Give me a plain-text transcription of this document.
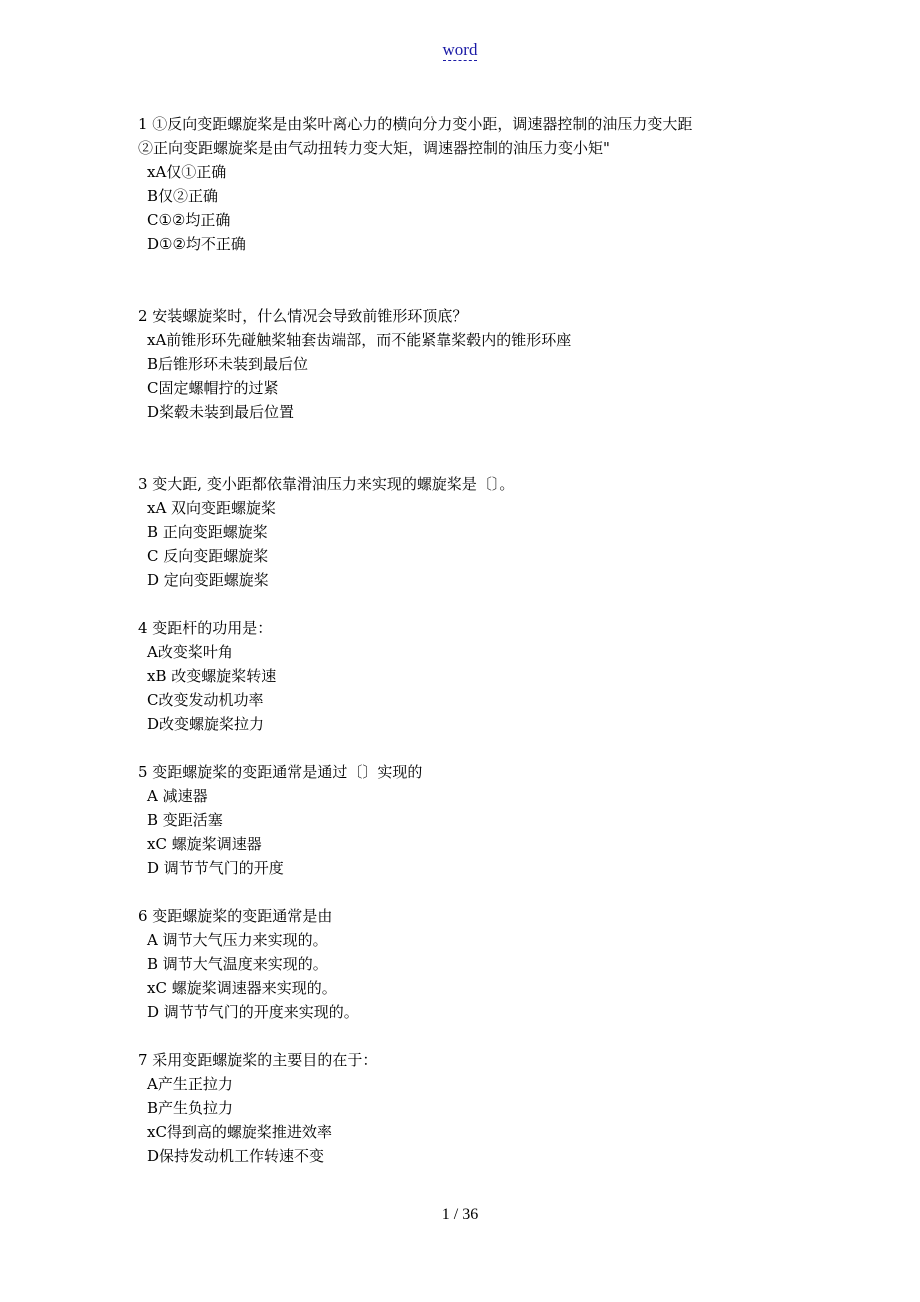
word
1 ①反向变距螺旋桨是由桨叶离心力的横向分力变小距，调速器控制的油压力变大距
②正向变距螺旋桨是由气动扭转力变大矩，调速器控制的油压力变小矩"
xA仅①正确
B仅②正确
C①②均正确
D①②均不正确
2 安装螺旋桨时，什么情况会导致前锥形环顶底？
xA前锥形环先碰触桨轴套齿端部，而不能紧靠桨毂内的锥形环座
B后锥形环未装到最后位
C固定螺帽拧的过紧
D桨毂未装到最后位置
3 变大距, 变小距都依靠滑油压力来实现的螺旋桨是〔〕。
xA 双向变距螺旋桨
B 正向变距螺旋桨
C 反向变距螺旋桨
D 定向变距螺旋桨
4 变距杆的功用是：
A改变桨叶角
xB 改变螺旋桨转速
C改变发动机功率
D改变螺旋桨拉力
5 变距螺旋桨的变距通常是通过〔〕实现的
A 减速器
B 变距活塞
xC 螺旋桨调速器
D 调节节气门的开度
6 变距螺旋桨的变距通常是由
A 调节大气压力来实现的。
B 调节大气温度来实现的。
xC 螺旋桨调速器来实现的。
D 调节节气门的开度来实现的。
7 采用变距螺旋桨的主要目的在于：
A产生正拉力
B产生负拉力
xC得到高的螺旋桨推进效率
D保持发动机工作转速不变
1 / 36
